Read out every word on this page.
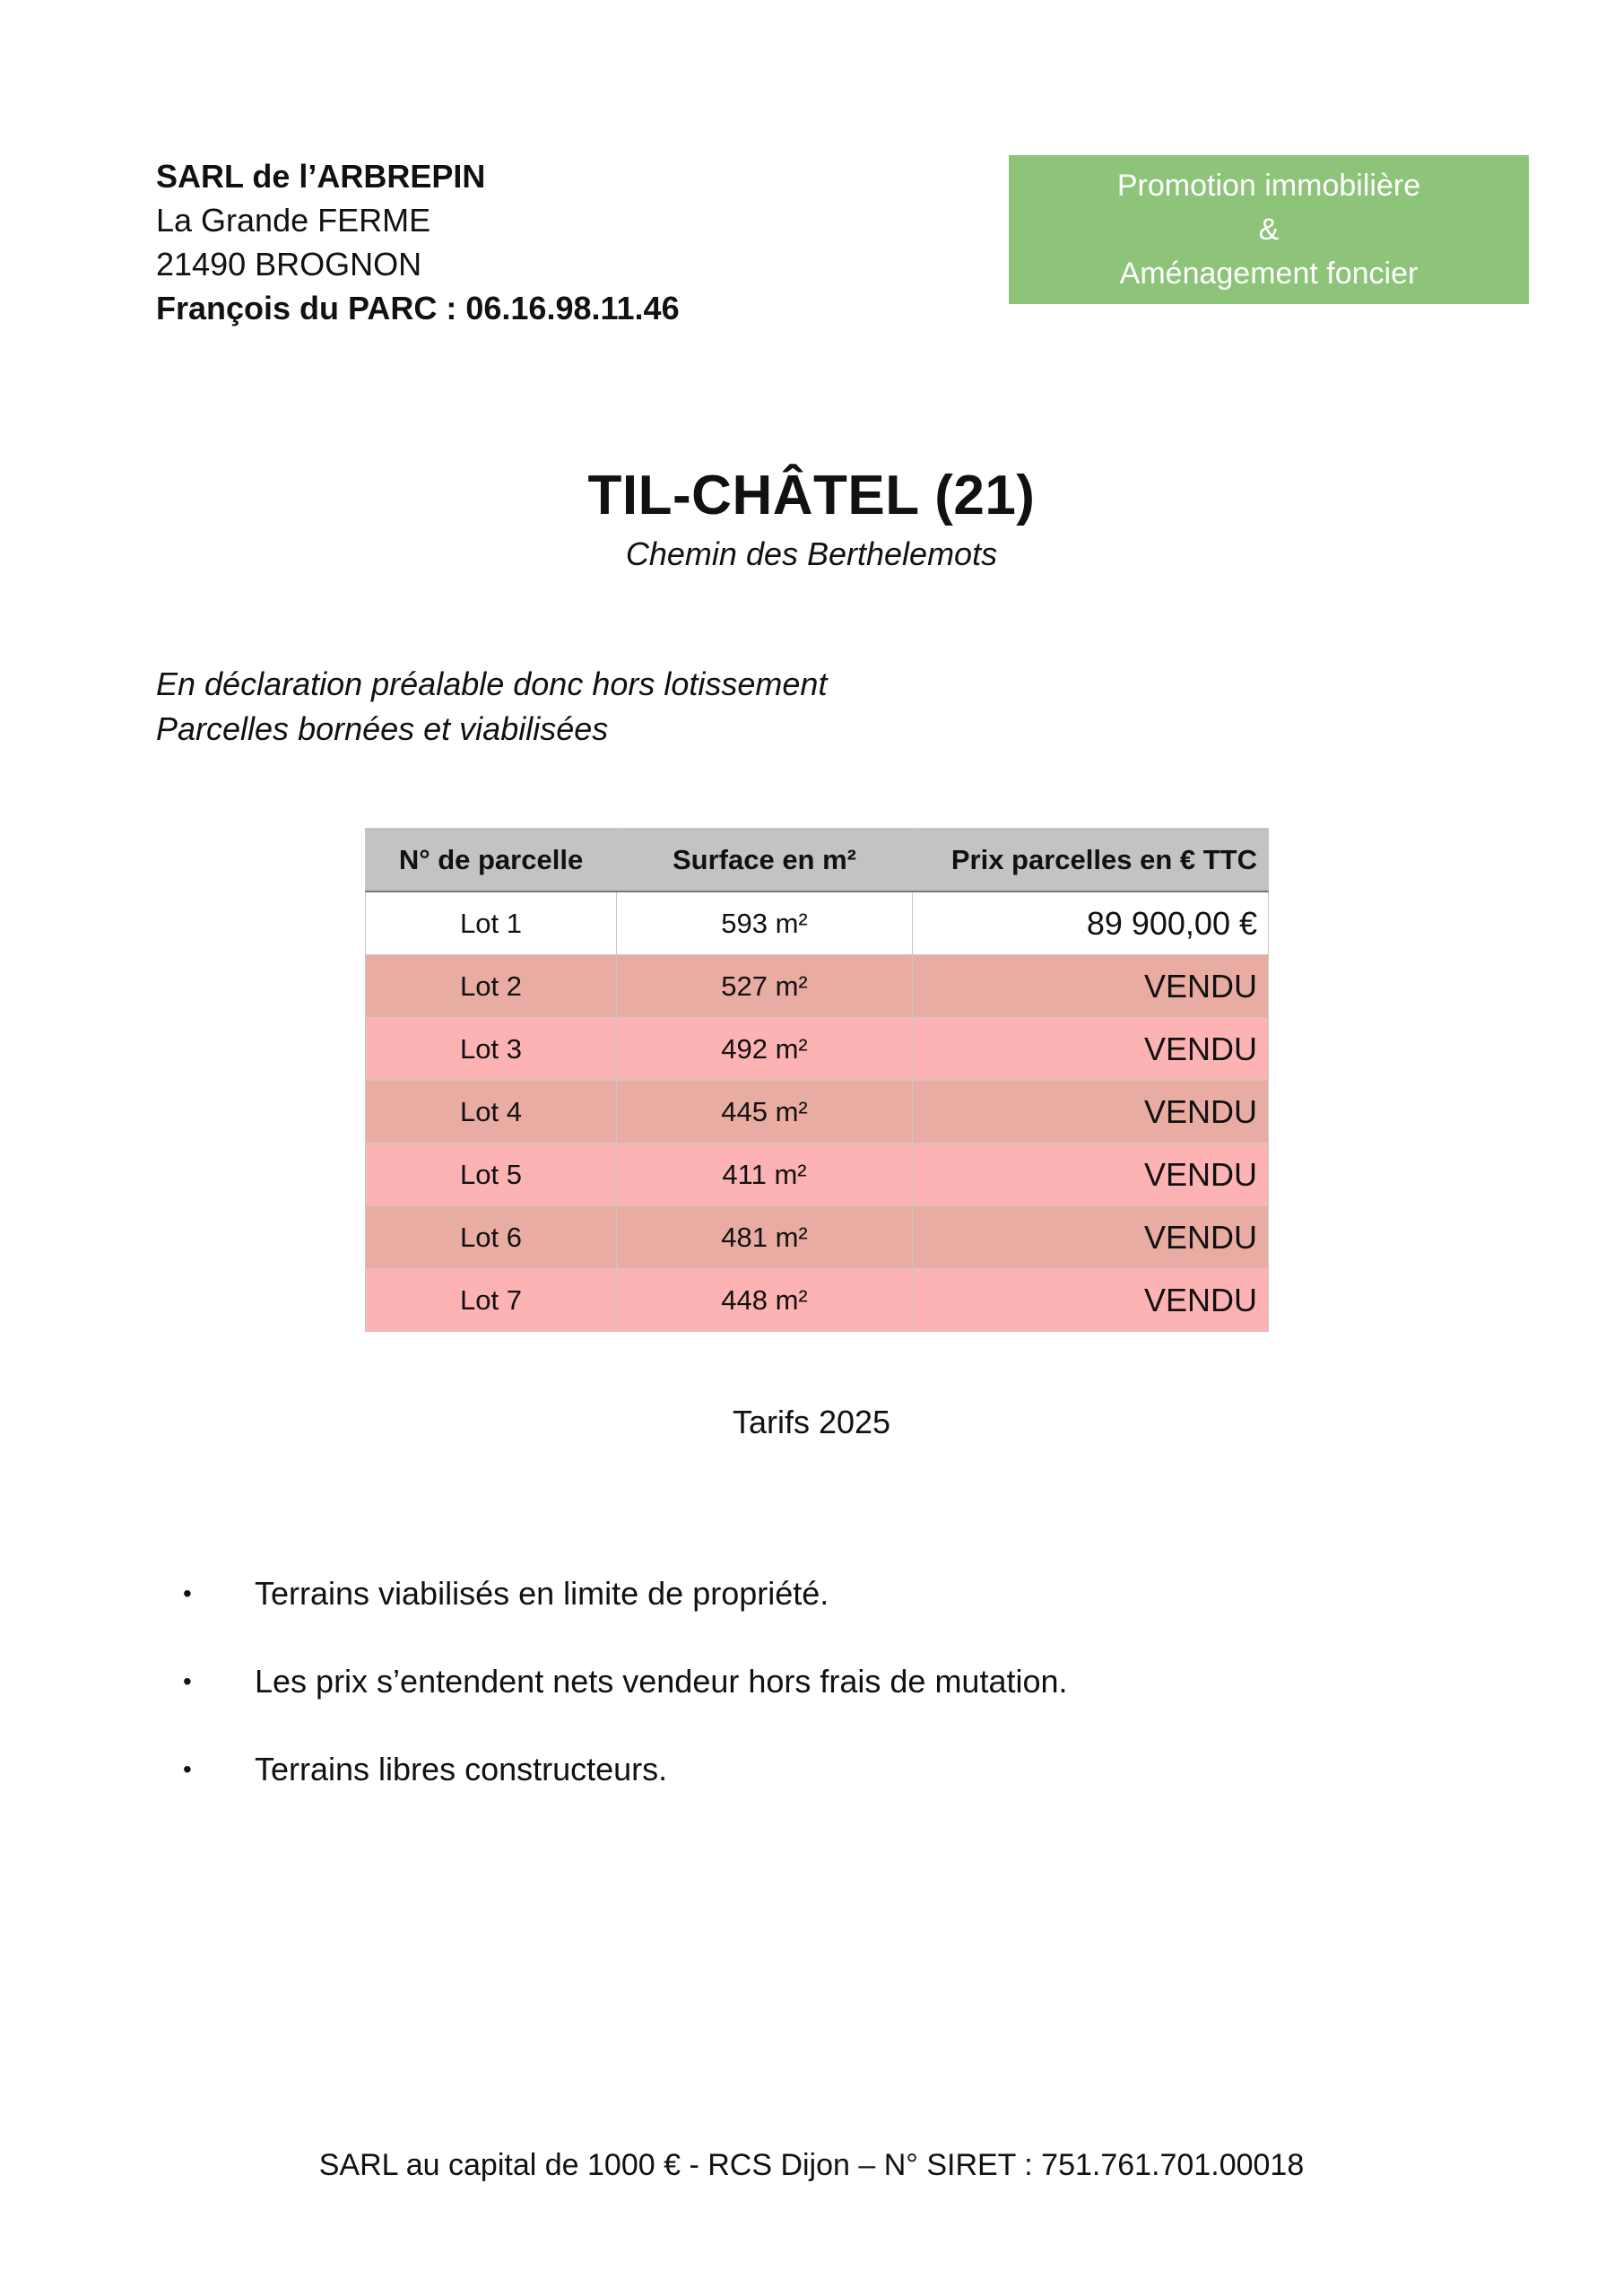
SARL de l’ARBREPIN
La Grande FERME
21490 BROGNON
François du PARC : 06.16.98.11.46
Promotion immobilière
&
Aménagement foncier
TIL-CHÂTEL (21)
Chemin des Berthelemots
En déclaration préalable donc hors lotissement
Parcelles bornées et viabilisées
N° de parcelle	Surface en m²	Prix parcelles en € TTC
Lot 1	593 m²	89 900,00 €
Lot 2	527 m²	VENDU
Lot 3	492 m²	VENDU
Lot 4	445 m²	VENDU
Lot 5	411 m²	VENDU
Lot 6	481 m²	VENDU
Lot 7	448 m²	VENDU
Tarifs 2025
• Terrains viabilisés en limite de propriété.
• Les prix s’entendent nets vendeur hors frais de mutation.
• Terrains libres constructeurs.
SARL au capital de 1000 € - RCS Dijon – N° SIRET : 751.761.701.00018
